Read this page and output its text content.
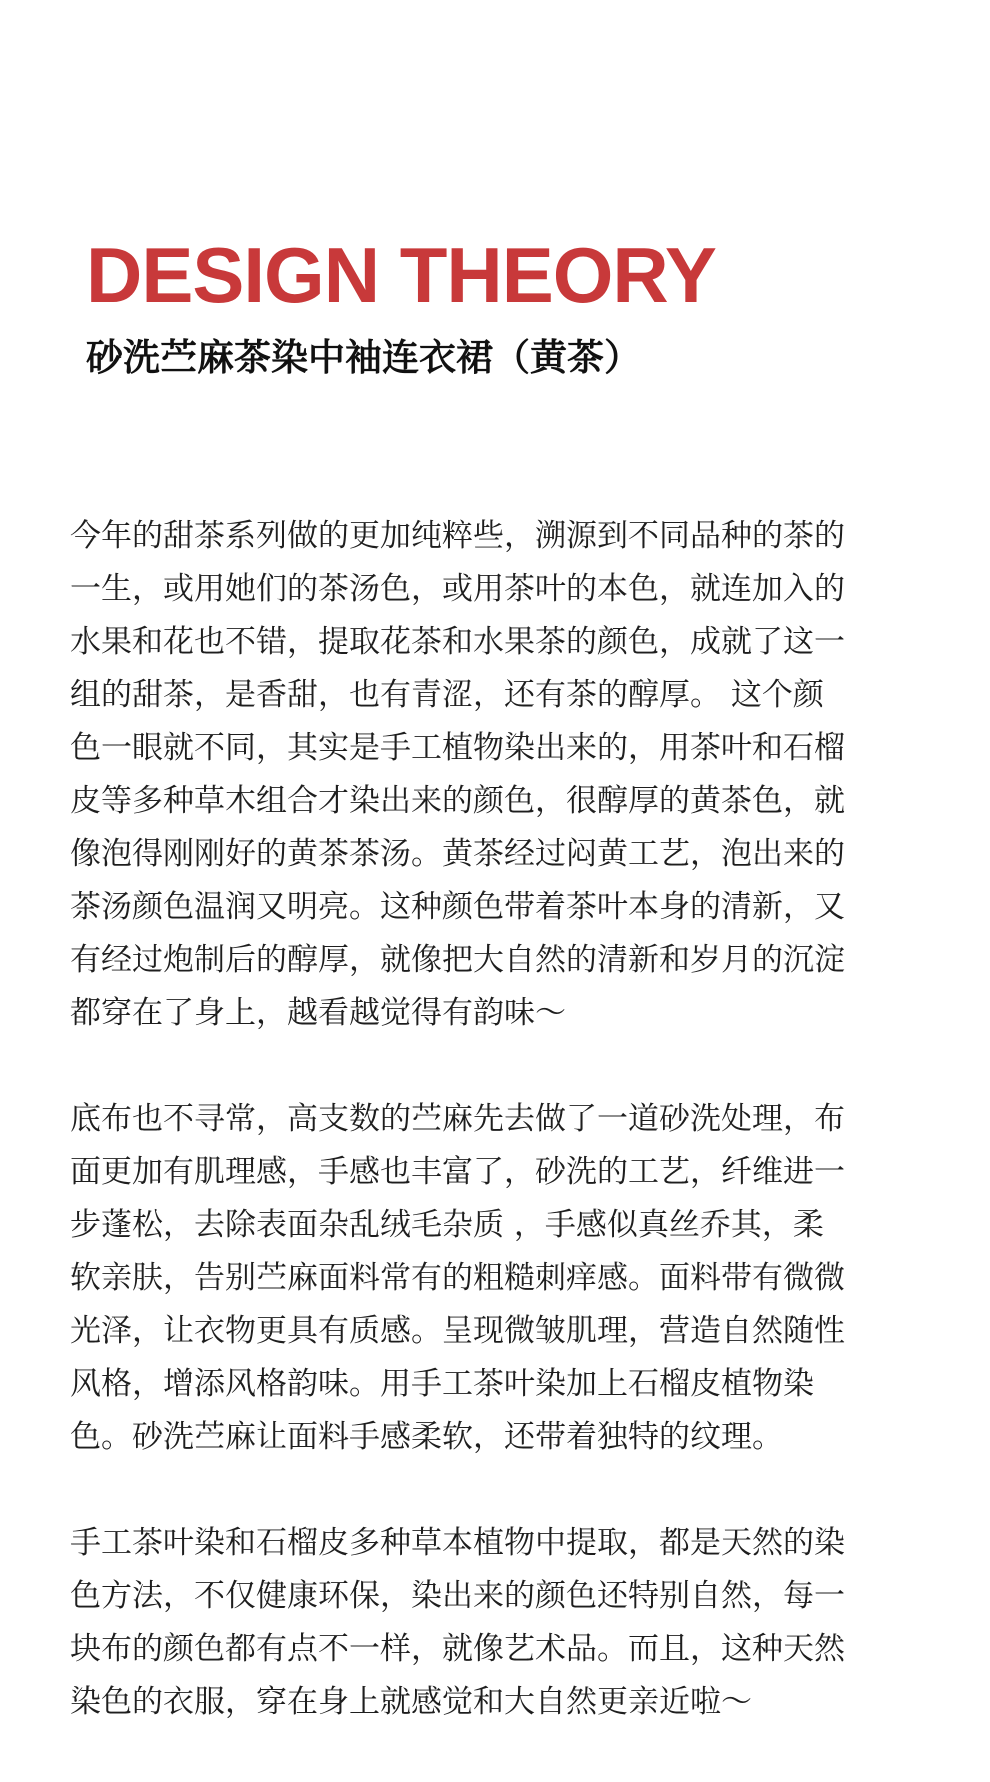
DESIGN THEORY
砂洗苎麻茶染中袖连衣裙（黄茶）

今年的甜茶系列做的更加纯粹些，溯源到不同品种的茶的
一生，或用她们的茶汤色，或用茶叶的本色，就连加入的
水果和花也不错，提取花茶和水果茶的颜色，成就了这一
组的甜茶，是香甜，也有青涩，还有茶的醇厚。 这个颜
色一眼就不同，其实是手工植物染出来的，用茶叶和石榴
皮等多种草木组合才染出来的颜色，很醇厚的黄茶色，就
像泡得刚刚好的黄茶茶汤。黄茶经过闷黄工艺，泡出来的
茶汤颜色温润又明亮。这种颜色带着茶叶本身的清新，又
有经过炮制后的醇厚，就像把大自然的清新和岁月的沉淀
都穿在了身上，越看越觉得有韵味～

底布也不寻常，高支数的苎麻先去做了一道砂洗处理，布
面更加有肌理感，手感也丰富了，砂洗的工艺，纤维进一
步蓬松，去除表面杂乱绒毛杂质 ，手感似真丝乔其，柔
软亲肤，告别苎麻面料常有的粗糙刺痒感。面料带有微微
光泽，让衣物更具有质感。呈现微皱肌理，营造自然随性
风格，增添风格韵味。用手工茶叶染加上石榴皮植物染
色。砂洗苎麻让面料手感柔软，还带着独特的纹理。

手工茶叶染和石榴皮多种草本植物中提取，都是天然的染
色方法，不仅健康环保，染出来的颜色还特别自然，每一
块布的颜色都有点不一样，就像艺术品。而且，这种天然
染色的衣服，穿在身上就感觉和大自然更亲近啦～
